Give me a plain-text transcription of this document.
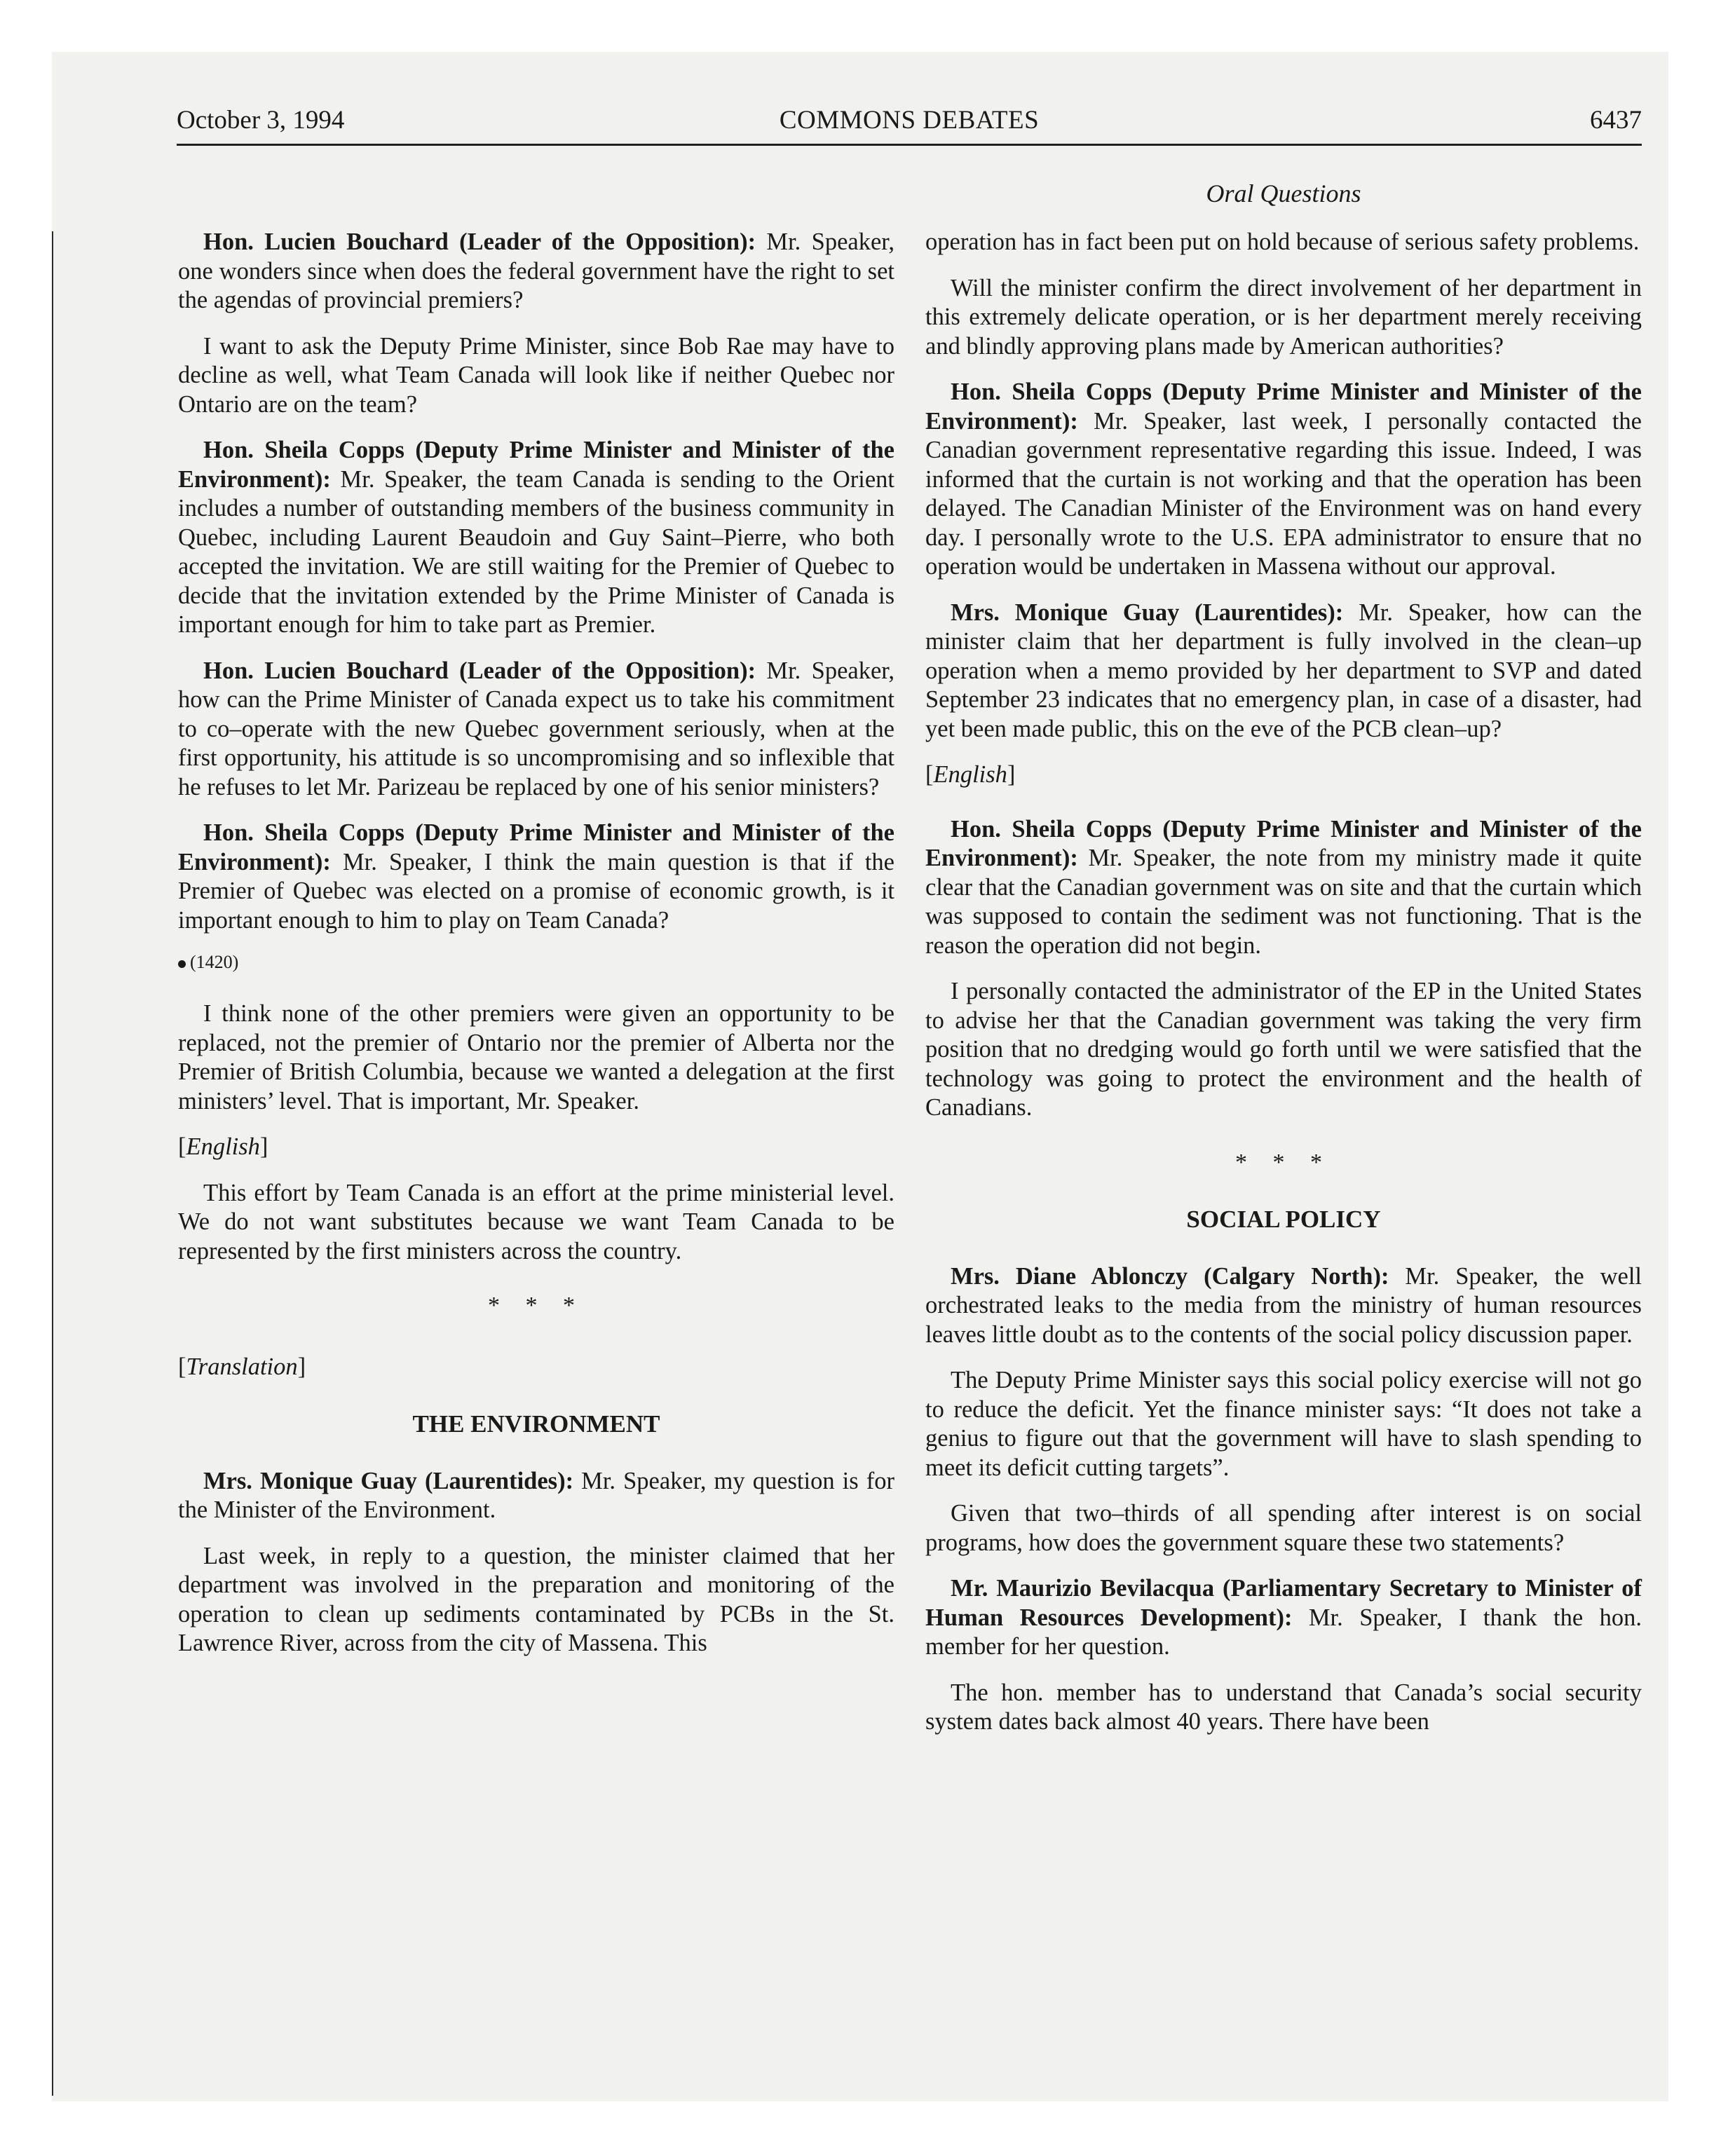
October 3, 1994	COMMONS DEBATES	6437
Oral Questions

Hon. Lucien Bouchard (Leader of the Opposition): Mr. Speaker, one wonders since when does the federal government have the right to set the agendas of provincial premiers?

I want to ask the Deputy Prime Minister, since Bob Rae may have to decline as well, what Team Canada will look like if neither Quebec nor Ontario are on the team?

Hon. Sheila Copps (Deputy Prime Minister and Minister of the Environment): Mr. Speaker, the team Canada is sending to the Orient includes a number of outstanding members of the business community in Quebec, including Laurent Beaudoin and Guy Saint–Pierre, who both accepted the invitation. We are still waiting for the Premier of Quebec to decide that the invitation extended by the Prime Minister of Canada is important enough for him to take part as Premier.

Hon. Lucien Bouchard (Leader of the Opposition): Mr. Speaker, how can the Prime Minister of Canada expect us to take his commitment to co–operate with the new Quebec government seriously, when at the first opportunity, his attitude is so uncompromising and so inflexible that he refuses to let Mr. Parizeau be replaced by one of his senior ministers?

Hon. Sheila Copps (Deputy Prime Minister and Minister of the Environment): Mr. Speaker, I think the main question is that if the Premier of Quebec was elected on a promise of economic growth, is it important enough to him to play on Team Canada?

(1420)

I think none of the other premiers were given an opportunity to be replaced, not the premier of Ontario nor the premier of Alberta nor the Premier of British Columbia, because we wanted a delegation at the first ministers’ level. That is important, Mr. Speaker.

[English]

This effort by Team Canada is an effort at the prime ministerial level. We do not want substitutes because we want Team Canada to be represented by the first ministers across the country.

* * *
[Translation]
THE ENVIRONMENT

Mrs. Monique Guay (Laurentides): Mr. Speaker, my question is for the Minister of the Environment.

Last week, in reply to a question, the minister claimed that her department was involved in the preparation and monitoring of the operation to clean up sediments contaminated by PCBs in the St. Lawrence River, across from the city of Massena. This

operation has in fact been put on hold because of serious safety problems.

Will the minister confirm the direct involvement of her department in this extremely delicate operation, or is her department merely receiving and blindly approving plans made by American authorities?

Hon. Sheila Copps (Deputy Prime Minister and Minister of the Environment): Mr. Speaker, last week, I personally contacted the Canadian government representative regarding this issue. Indeed, I was informed that the curtain is not working and that the operation has been delayed. The Canadian Minister of the Environment was on hand every day. I personally wrote to the U.S. EPA administrator to ensure that no operation would be undertaken in Massena without our approval.

Mrs. Monique Guay (Laurentides): Mr. Speaker, how can the minister claim that her department is fully involved in the clean–up operation when a memo provided by her department to SVP and dated September 23 indicates that no emergency plan, in case of a disaster, had yet been made public, this on the eve of the PCB clean–up?

[English]

Hon. Sheila Copps (Deputy Prime Minister and Minister of the Environment): Mr. Speaker, the note from my ministry made it quite clear that the Canadian government was on site and that the curtain which was supposed to contain the sediment was not functioning. That is the reason the operation did not begin.

I personally contacted the administrator of the EP in the United States to advise her that the Canadian government was taking the very firm position that no dredging would go forth until we were satisfied that the technology was going to protect the environment and the health of Canadians.

* * *
SOCIAL POLICY

Mrs. Diane Ablonczy (Calgary North): Mr. Speaker, the well orchestrated leaks to the media from the ministry of human resources leaves little doubt as to the contents of the social policy discussion paper.

The Deputy Prime Minister says this social policy exercise will not go to reduce the deficit. Yet the finance minister says: “It does not take a genius to figure out that the government will have to slash spending to meet its deficit cutting targets”.

Given that two–thirds of all spending after interest is on social programs, how does the government square these two statements?

Mr. Maurizio Bevilacqua (Parliamentary Secretary to Minister of Human Resources Development): Mr. Speaker, I thank the hon. member for her question.

The hon. member has to understand that Canada’s social security system dates back almost 40 years. There have been
